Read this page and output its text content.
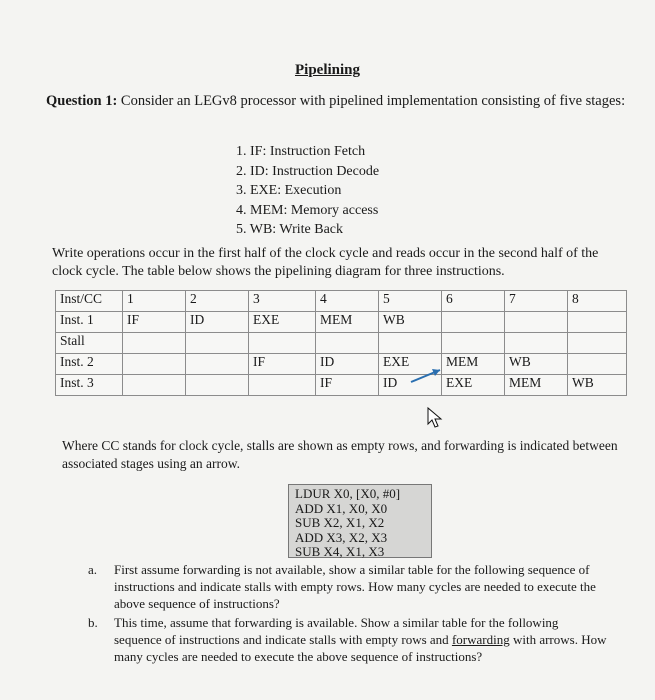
Pipelining
Question 1: Consider an LEGv8 processor with pipelined implementation consisting of five stages:
1. IF: Instruction Fetch
2. ID: Instruction Decode
3. EXE: Execution
4. MEM: Memory access
5. WB: Write Back
Write operations occur in the first half of the clock cycle and reads occur in the second half of the clock cycle. The table below shows the pipelining diagram for three instructions.
Inst/CC	1	2	3	4	5	6	7	8
Inst. 1	IF	ID	EXE	MEM	WB			
Stall								
Inst. 2			IF	ID	EXE	MEM	WB	
Inst. 3				IF	ID	EXE	MEM	WB
Where CC stands for clock cycle, stalls are shown as empty rows, and forwarding is indicated between associated stages using an arrow.
LDUR X0, [X0, #0]
ADD X1, X0, X0
SUB X2, X1, X2
ADD X3, X2, X3
SUB X4, X1, X3
a. First assume forwarding is not available, show a similar table for the following sequence of instructions and indicate stalls with empty rows. How many cycles are needed to execute the above sequence of instructions?
b. This time, assume that forwarding is available. Show a similar table for the following sequence of instructions and indicate stalls with empty rows and forwarding with arrows. How many cycles are needed to execute the above sequence of instructions?
